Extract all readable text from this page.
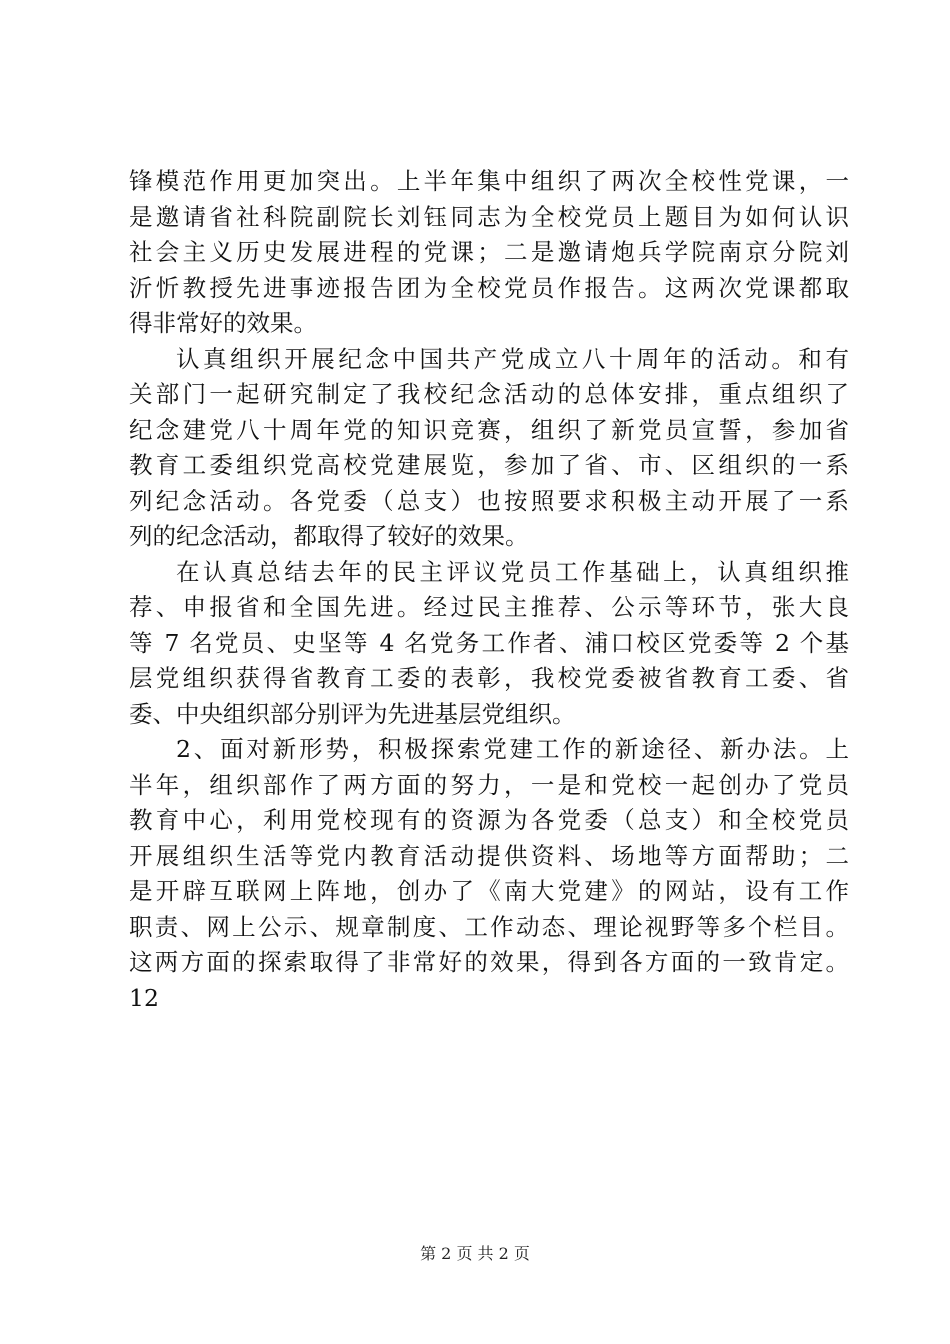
锋模范作用更加突出。上半年集中组织了两次全校性党课，一
是邀请省社科院副院长刘钰同志为全校党员上题目为如何认识
社会主义历史发展进程的党课；二是邀请炮兵学院南京分院刘
沂忻教授先进事迹报告团为全校党员作报告。这两次党课都取
得非常好的效果。
认真组织开展纪念中国共产党成立八十周年的活动。和有
关部门一起研究制定了我校纪念活动的总体安排，重点组织了
纪念建党八十周年党的知识竞赛，组织了新党员宣誓，参加省
教育工委组织党高校党建展览，参加了省、市、区组织的一系
列纪念活动。各党委（总支）也按照要求积极主动开展了一系
列的纪念活动，都取得了较好的效果。
在认真总结去年的民主评议党员工作基础上，认真组织推
荐、申报省和全国先进。经过民主推荐、公示等环节，张大良
等 7 名党员、史坚等 4 名党务工作者、浦口校区党委等 2 个基
层党组织获得省教育工委的表彰，我校党委被省教育工委、省
委、中央组织部分别评为先进基层党组织。
2、面对新形势，积极探索党建工作的新途径、新办法。上
半年，组织部作了两方面的努力，一是和党校一起创办了党员
教育中心，利用党校现有的资源为各党委（总支）和全校党员
开展组织生活等党内教育活动提供资料、场地等方面帮助；二
是开辟互联网上阵地，创办了《南大党建》的网站，设有工作
职责、网上公示、规章制度、工作动态、理论视野等多个栏目。
这两方面的探索取得了非常好的效果，得到各方面的一致肯定。
12
第 2 页 共 2 页
